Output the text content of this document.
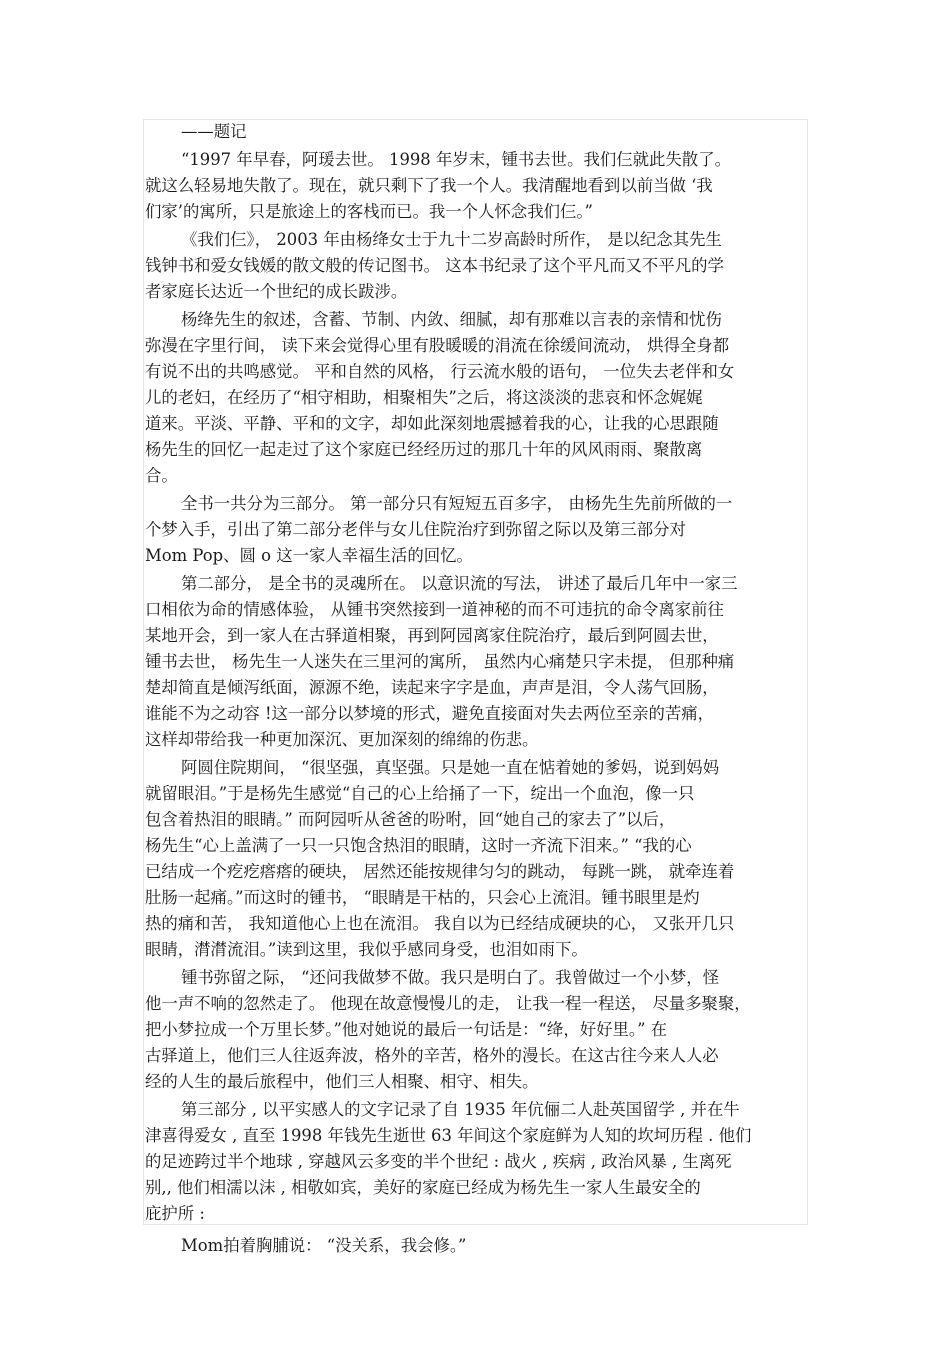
——题记
“1997 年早春，阿瑗去世。 1998 年岁末，锺书去世。我们仨就此失散了。
就这么轻易地失散了。现在，就只剩下了我一个人。我清醒地看到以前当做 ‘我
们家’的寓所，只是旅途上的客栈而已。我一个人怀念我们仨。”
《我们仨》， 2003 年由杨绛女士于九十二岁高龄时所作， 是以纪念其先生
钱钟书和爱女钱媛的散文般的传记图书。 这本书纪录了这个平凡而又不平凡的学
者家庭长达近一个世纪的成长跋涉。
杨绛先生的叙述，含蓄、节制、内敛、细腻，却有那难以言表的亲情和忧伤
弥漫在字里行间， 读下来会觉得心里有股暖暖的涓流在徐缓间流动， 烘得全身都
有说不出的共鸣感觉。 平和自然的风格， 行云流水般的语句， 一位失去老伴和女
儿的老妇，在经历了“相守相助，相聚相失”之后，将这淡淡的悲哀和怀念娓娓
道来。平淡、平静、平和的文字，却如此深刻地震撼着我的心，让我的心思跟随
杨先生的回忆一起走过了这个家庭已经经历过的那几十年的风风雨雨、聚散离
合。
全书一共分为三部分。 第一部分只有短短五百多字， 由杨先生先前所做的一
个梦入手，引出了第二部分老伴与女儿住院治疗到弥留之际以及第三部分对
Mom Pop、圆 o 这一家人幸福生活的回忆。
第二部分， 是全书的灵魂所在。 以意识流的写法， 讲述了最后几年中一家三
口相依为命的情感体验， 从锺书突然接到一道神秘的而不可违抗的命令离家前往
某地开会，到一家人在古驿道相聚，再到阿园离家住院治疗，最后到阿圆去世，
锺书去世， 杨先生一人迷失在三里河的寓所， 虽然内心痛楚只字未提， 但那种痛
楚却简直是倾泻纸面，源源不绝，读起来字字是血，声声是泪，令人荡气回肠，
谁能不为之动容 !这一部分以梦境的形式，避免直接面对失去两位至亲的苦痛，
这样却带给我一种更加深沉、更加深刻的绵绵的伤悲。
阿圆住院期间， “很坚强，真坚强。只是她一直在惦着她的爹妈，说到妈妈
就留眼泪。”于是杨先生感觉“自己的心上给捅了一下，绽出一个血泡，像一只
包含着热泪的眼睛。” 而阿园听从爸爸的吩咐，回“她自己的家去了”以后，
杨先生“心上盖满了一只一只饱含热泪的眼睛，这时一齐流下泪来。” “我的心
已结成一个疙疙瘩瘩的硬块， 居然还能按规律匀匀的跳动， 每跳一跳， 就牵连着
肚肠一起痛。”而这时的锺书， “眼睛是干枯的，只会心上流泪。锺书眼里是灼
热的痛和苦， 我知道他心上也在流泪。 我自以为已经结成硬块的心， 又张开几只
眼睛，潸潸流泪。”读到这里，我似乎感同身受，也泪如雨下。
锺书弥留之际， “还问我做梦不做。我只是明白了。我曾做过一个小梦，怪
他一声不响的忽然走了。 他现在故意慢慢儿的走， 让我一程一程送， 尽量多聚聚，
把小梦拉成一个万里长梦。”他对她说的最后一句话是：“绛，好好里。” 在
古驿道上，他们三人往返奔波，格外的辛苦，格外的漫长。在这古往今来人人必
经的人生的最后旅程中，他们三人相聚、相守、相失。
第三部分 , 以平实感人的文字记录了自 1935 年伉俪二人赴英国留学 , 并在牛
津喜得爱女 , 直至 1998 年钱先生逝世 63 年间这个家庭鲜为人知的坎坷历程 . 他们
的足迹跨过半个地球 , 穿越风云多变的半个世纪 : 战火 , 疾病 , 政治风暴 , 生离死
别,, 他们相濡以沫 , 相敬如宾，美好的家庭已经成为杨先生一家人生最安全的
庇护所 :
Mom拍着胸脯说： “没关系，我会修。”
